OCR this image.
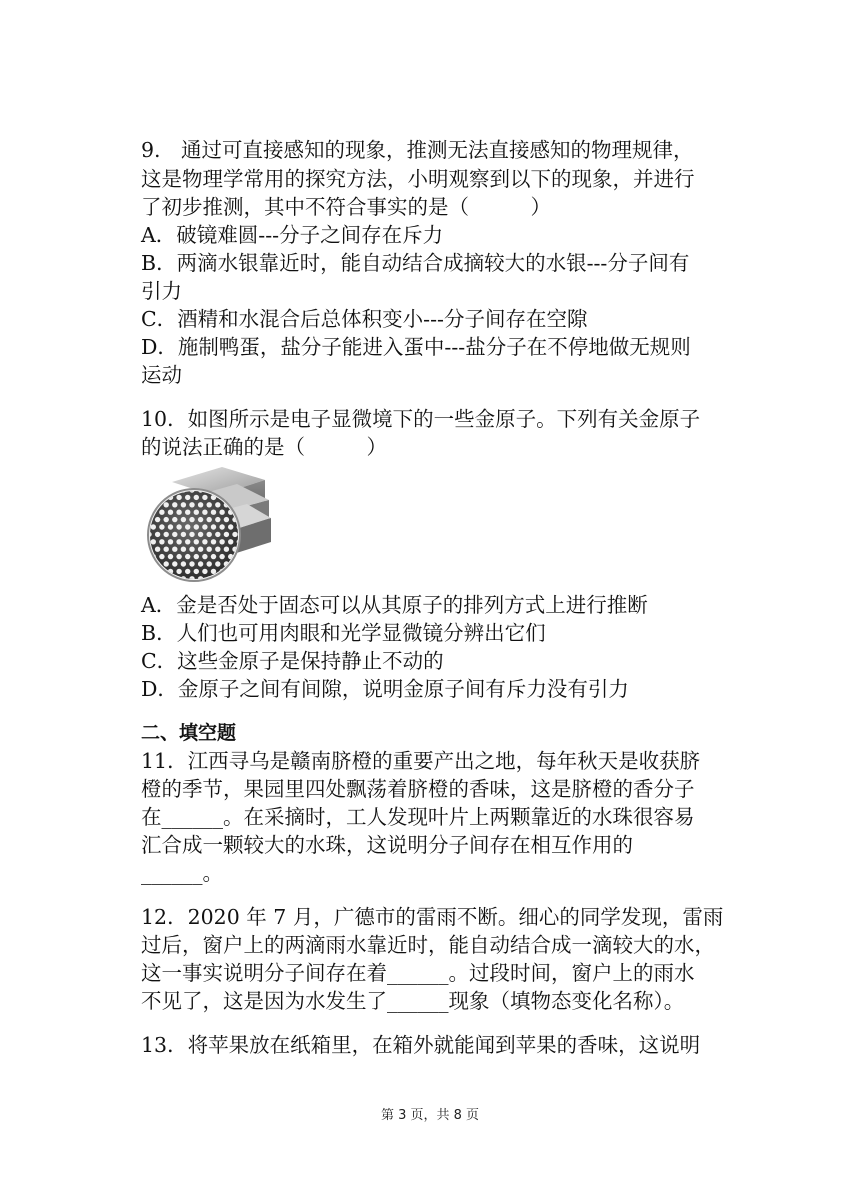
9.　通过可直接感知的现象，推测无法直接感知的物理规律，
这是物理学常用的探究方法，小明观察到以下的现象，并进行
了初步推测，其中不符合事实的是（　　　）
A．破镜难圆---分子之间存在斥力
B．两滴水银靠近时，能自动结合成摘较大的水银---分子间有
引力
C．酒精和水混合后总体积变小---分子间存在空隙
D．施制鸭蛋，盐分子能进入蛋中---盐分子在不停地做无规则
运动
10．如图所示是电子显微境下的一些金原子。下列有关金原子
的说法正确的是（　　　）
A．金是否处于固态可以从其原子的排列方式上进行推断
B．人们也可用肉眼和光学显微镜分辨出它们
C．这些金原子是保持静止不动的
D．金原子之间有间隙，说明金原子间有斥力没有引力
二、填空题
11．江西寻乌是赣南脐橙的重要产出之地，每年秋天是收获脐
橙的季节，果园里四处飘荡着脐橙的香味，这是脐橙的香分子
在______。在采摘时，工人发现叶片上两颗靠近的水珠很容易
汇合成一颗较大的水珠，这说明分子间存在相互作用的
______。
12．2020 年 7 月，广德市的雷雨不断。细心的同学发现，雷雨
过后，窗户上的两滴雨水靠近时，能自动结合成一滴较大的水，
这一事实说明分子间存在着______。过段时间，窗户上的雨水
不见了，这是因为水发生了______现象（填物态变化名称）。
13．将苹果放在纸箱里，在箱外就能闻到苹果的香味，这说明
第 3 页，共 8 页
